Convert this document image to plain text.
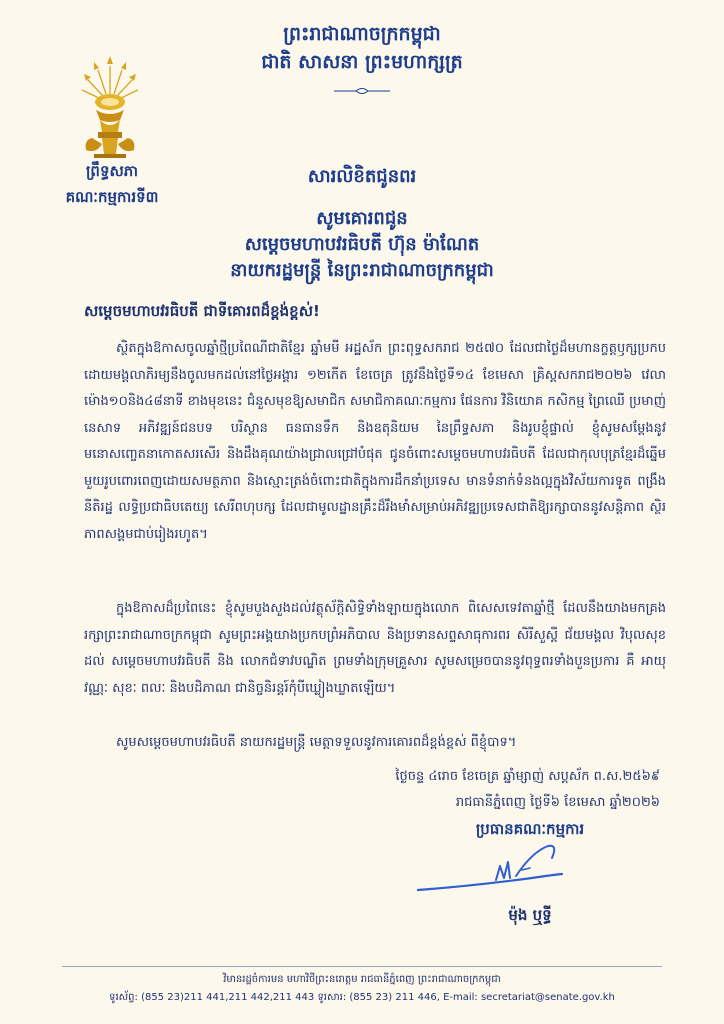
ព្រះរាជាណាចក្រកម្ពុជា
ជាតិ សាសនា ព្រះមហាក្សត្រ
ព្រឹទ្ធសភា
គណៈកម្មការទី៣
សារលិខិតជូនពរ
សូមគោរពជូន
សម្តេចមហាបវរធិបតី ហ៊ុន ម៉ាណែត
នាយករដ្ឋមន្ត្រី នៃព្រះរាជាណាចក្រកម្ពុជា
សម្តេចមហាបវរធិបតី ជាទីគោរពដ៏ខ្ពង់ខ្ពស់!
ស្ថិតក្នុងឱកាសចូលឆ្នាំថ្មីប្រពៃណីជាតិខ្មែរ ឆ្នាំមមី អដ្ឋស័ក ព្រះពុទ្ធសករាជ ២៥៧០ ដែលជាថ្ងៃដ៏មហានក្ខត្តឫក្សប្រកបដោយមង្គលាភិរម្យនឹងចូលមកដល់នៅថ្ងៃអង្គារ ១២កើត ខែចេត្រ ត្រូវនឹងថ្ងៃទី១៤ ខែមេសា គ្រិស្តសករាជ២០២៦ វេលាម៉ោង១០និង៤៨នាទី ខាងមុខនេះ ជំនួសមុខឱ្យសមាជិក សមាជិកាគណៈកម្មការ ផែនការ វិនិយោគ កសិកម្ម ព្រៃឈើ ប្រមាញ់នេសាទ អភិវឌ្ឍន៍ជនបទ បរិស្ថាន ធនធានទឹក និងឧតុនិយម នៃព្រឹទ្ធសភា និងរូបខ្ញុំផ្ទាល់ ខ្ញុំសូមសម្តែងនូវមនោសញ្ចេតនាកោតសរសើរ និងដឹងគុណយ៉ាងជ្រាលជ្រៅបំផុត ជូនចំពោះសម្តេចមហាបវរធិបតី ដែលជាកុលបុត្រខ្មែរដ៏ឆ្នើមមួយរូបពោរពេញដោយសមត្ថភាព និងស្មោះត្រង់ចំពោះជាតិក្នុងការដឹកនាំប្រទេស មានទំនាក់ទំនងល្អក្នុងវិស័យការទូត ពង្រឹងនីតិរដ្ឋ លទ្ធិប្រជាធិបតេយ្យ សេរីពហុបក្ស ដែលជាមូលដ្ឋានគ្រឹះដ៏រឹងមាំសម្រាប់អភិវឌ្ឍប្រទេសជាតិឱ្យរក្សាបាននូវសន្តិភាព ស្ថិរភាពសង្គមជាប់រៀងរហូត។
ក្នុងឱកាសដ៏ប្រពៃនេះ ខ្ញុំសូមបួងសួងដល់វត្ថុស័ក្តិសិទ្ធិទាំងឡាយក្នុងលោក ពិសេសទេវតាឆ្នាំថ្មី ដែលនឹងយាងមកគ្រងរក្សាព្រះរាជាណាចក្រកម្ពុជា សូមព្រះអង្គយាងប្រកបព្រំអភិបាល និងប្រទានសព្ទសាធុការពរ សិរីសួស្តី ជ័យមង្គល វិបុលសុខដល់ សម្តេចមហាបវរធិបតី និង លោកជំទាវបណ្ឌិត ព្រមទាំងក្រុមគ្រួសារ សូមសម្រេចបាននូវពុទ្ធពរទាំងបួនប្រការ គឺ អាយុ វណ្ណៈ សុខៈ ពលៈ និងបដិភាណ ជានិច្ចនិរន្តរ៍កុំបីឃ្លៀងឃ្លាតឡើយ។
សូមសម្តេចមហាបវរធិបតី នាយករដ្ឋមន្ត្រី មេត្តាទទួលនូវការគោរពដ៏ខ្ពង់ខ្ពស់ ពីខ្ញុំបាទ។
ថ្ងៃចន្ទ ៤រោច ខែចេត្រ ឆ្នាំម្សាញ់ សប្តស័ក ព.ស.២៥៦៩
រាជធានីភ្នំពេញ ថ្ងៃទី៦ ខែមេសា ឆ្នាំ២០២៦
ប្រធានគណៈកម្មការ
ម៉ុង ឬទ្ធី
វិមានរដ្ឋចំការមន មហាវិថីព្រះនរោត្តម រាជធានីភ្នំពេញ ព្រះរាជាណាចក្រកម្ពុជា
ទូរស័ព្ទ: (855 23)211 441,211 442,211 443 ទូរសារ: (855 23) 211 446, E-mail: secretariat@senate.gov.kh
